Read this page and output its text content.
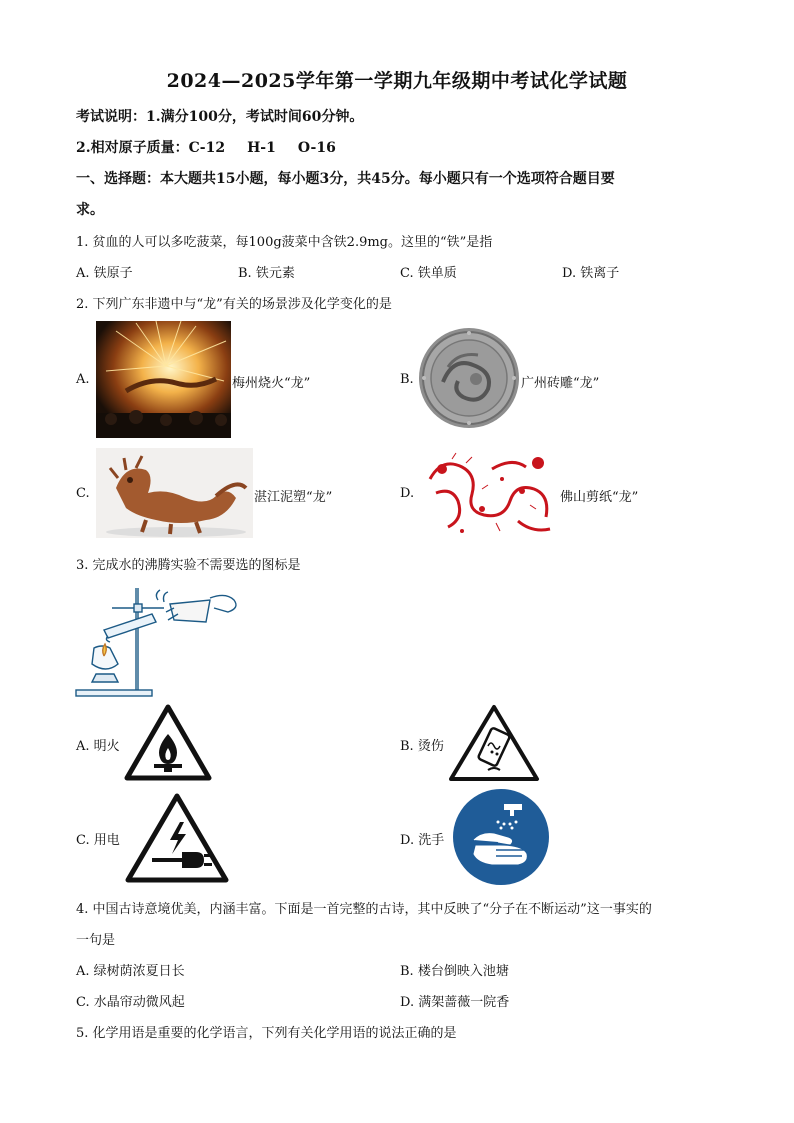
2024—2025学年第一学期九年级期中考试化学试题
考试说明：1.满分100分，考试时间60分钟。
2.相对原子质量：C-12 H-1 O-16
一、选择题：本大题共15小题，每小题3分，共45分。每小题只有一个选项符合题目要
求。
1. 贫血的人可以多吃菠菜，每100g菠菜中含铁2.9mg。这里的“铁”是指
A. 铁原子	B. 铁元素	C. 铁单质	D. 铁离子
2. 下列广东非遗中与“龙”有关的场景涉及化学变化的是
A.	梅州烧火“龙”	B.	广州砖雕“龙”
C.	湛江泥塑“龙”	D.	佛山剪纸“龙”
3. 完成水的沸腾实验不需要选的图标是
A. 明火	B. 烫伤
C. 用电	D. 洗手
4. 中国古诗意境优美，内涵丰富。下面是一首完整的古诗，其中反映了“分子在不断运动”这一事实的
一句是
A. 绿树荫浓夏日长	B. 楼台倒映入池塘
C. 水晶帘动微风起	D. 满架蔷薇一院香
5. 化学用语是重要的化学语言，下列有关化学用语的说法正确的是
